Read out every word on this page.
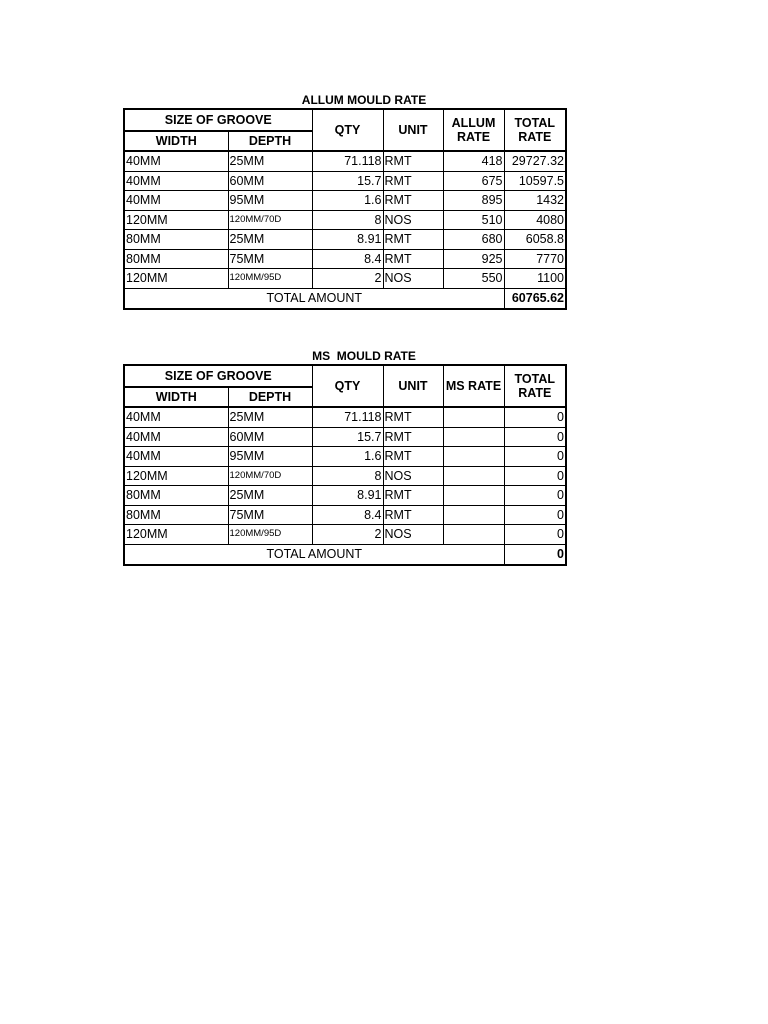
ALLUM MOULD RATE
SIZE OF GROOVE		QTY	UNIT	ALLUM RATE	TOTAL RATE
WIDTH	DEPTH				
40MM	25MM	71.118	RMT	418	29727.32
40MM	60MM	15.7	RMT	675	10597.5
40MM	95MM	1.6	RMT	895	1432
120MM	120MM/70D	8	NOS	510	4080
80MM	25MM	8.91	RMT	680	6058.8
80MM	75MM	8.4	RMT	925	7770
120MM	120MM/95D	2	NOS	550	1100
TOTAL AMOUNT					60765.62
MS  MOULD RATE
SIZE OF GROOVE		QTY	UNIT	MS RATE	TOTAL RATE
WIDTH	DEPTH				
40MM	25MM	71.118	RMT		0
40MM	60MM	15.7	RMT		0
40MM	95MM	1.6	RMT		0
120MM	120MM/70D	8	NOS		0
80MM	25MM	8.91	RMT		0
80MM	75MM	8.4	RMT		0
120MM	120MM/95D	2	NOS		0
TOTAL AMOUNT					0
